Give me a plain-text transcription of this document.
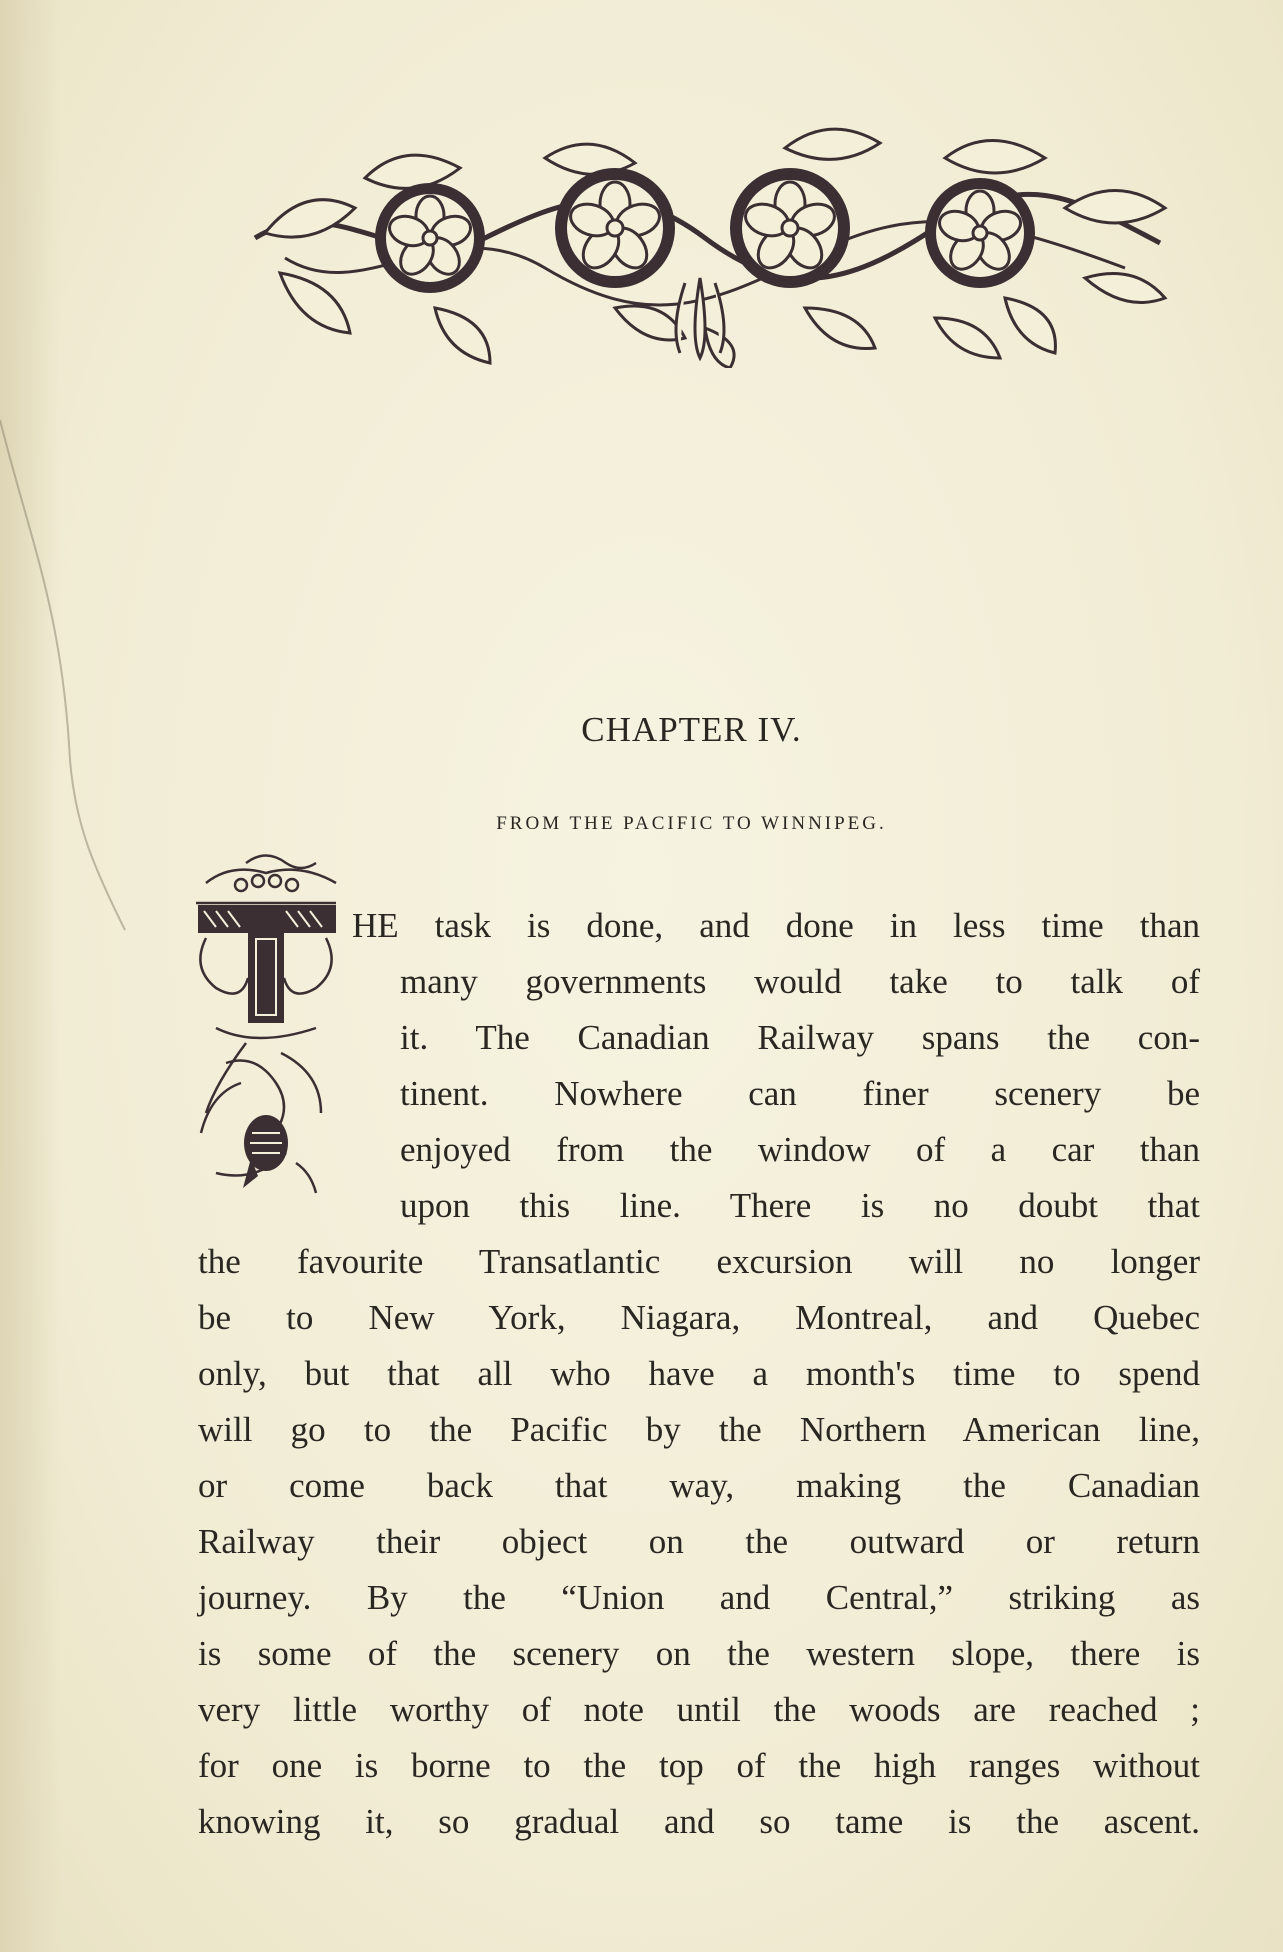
CHAPTER IV.
FROM THE PACIFIC TO WINNIPEG.
HE task is done, and done in less time than
many governments would take to talk of
it. The Canadian Railway spans the con-
tinent. Nowhere can finer scenery be
enjoyed from the window of a car than
upon this line. There is no doubt that
the favourite Transatlantic excursion will no longer
be to New York, Niagara, Montreal, and Quebec
only, but that all who have a month's time to spend
will go to the Pacific by the Northern American line,
or come back that way, making the Canadian
Railway their object on the outward or return
journey. By the “Union and Central,” striking as
is some of the scenery on the western slope, there is
very little worthy of note until the woods are reached ;
for one is borne to the top of the high ranges without
knowing it, so gradual and so tame is the ascent.
